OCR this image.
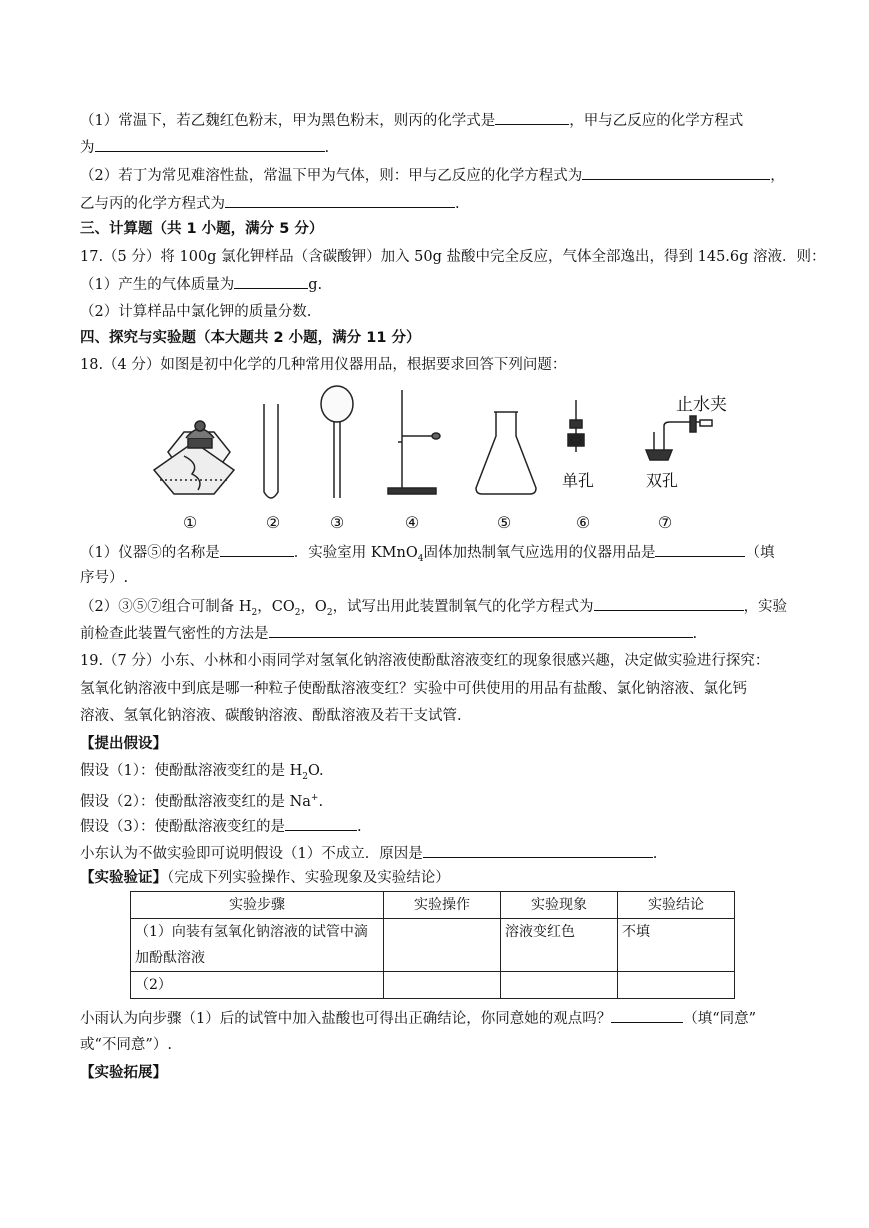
（1）常温下，若乙魏红色粉末，甲为黑色粉末，则丙的化学式是	，甲与乙反应的化学方程式
为	.
（2）若丁为常见难溶性盐，常温下甲为气体，则：甲与乙反应的化学方程式为	，
乙与丙的化学方程式为	.
三、计算题（共 1 小题，满分 5 分）
17.（5 分）将 100g 氯化钾样品（含碳酸钾）加入 50g 盐酸中完全反应，气体全部逸出，得到 145.6g 溶液．则：
（1）产生的气体质量为	g.
（2）计算样品中氯化钾的质量分数.
四、探究与实验题（本大题共 2 小题，满分 11 分）
18.（4 分）如图是初中化学的几种常用仪器用品，根据要求回答下列问题：
止水夹
单孔	双孔
①	②	③	④	⑤	⑥	⑦
（1）仪器⑤的名称是	．实验室用 KMnO$_4$固体加热制氧气应选用的仪器用品是	（填
序号）.
（2）③⑤⑦组合可制备 $H_2$，$CO_2$，$O_2$，试写出用此装置制氧气的化学方程式为	，实验
前检查此装置气密性的方法是	.
19.（7 分）小东、小林和小雨同学对氢氧化钠溶液使酚酞溶液变红的现象很感兴趣，决定做实验进行探究：
氢氧化钠溶液中到底是哪一种粒子使酚酞溶液变红？实验中可供使用的用品有盐酸、氯化钠溶液、氯化钙
溶液、氢氧化钠溶液、碳酸钠溶液、酚酞溶液及若干支试管.
【提出假设】
假设（1）：使酚酞溶液变红的是 $H_2O$.
假设（2）：使酚酞溶液变红的是 Na+.
假设（3）：使酚酞溶液变红的是	.
小东认为不做实验即可说明假设（1）不成立．原因是	.
【实验验证】（完成下列实验操作、实验现象及实验结论）
实验步骤	实验操作	实验现象	实验结论
（1）向装有氢氧化钠溶液的试管中滴
加酚酞溶液		溶液变红色	不填
（2）			
小雨认为向步骤（1）后的试管中加入盐酸也可得出正确结论，你同意她的观点吗？	（填“同意”
或“不同意”）.
【实验拓展】
